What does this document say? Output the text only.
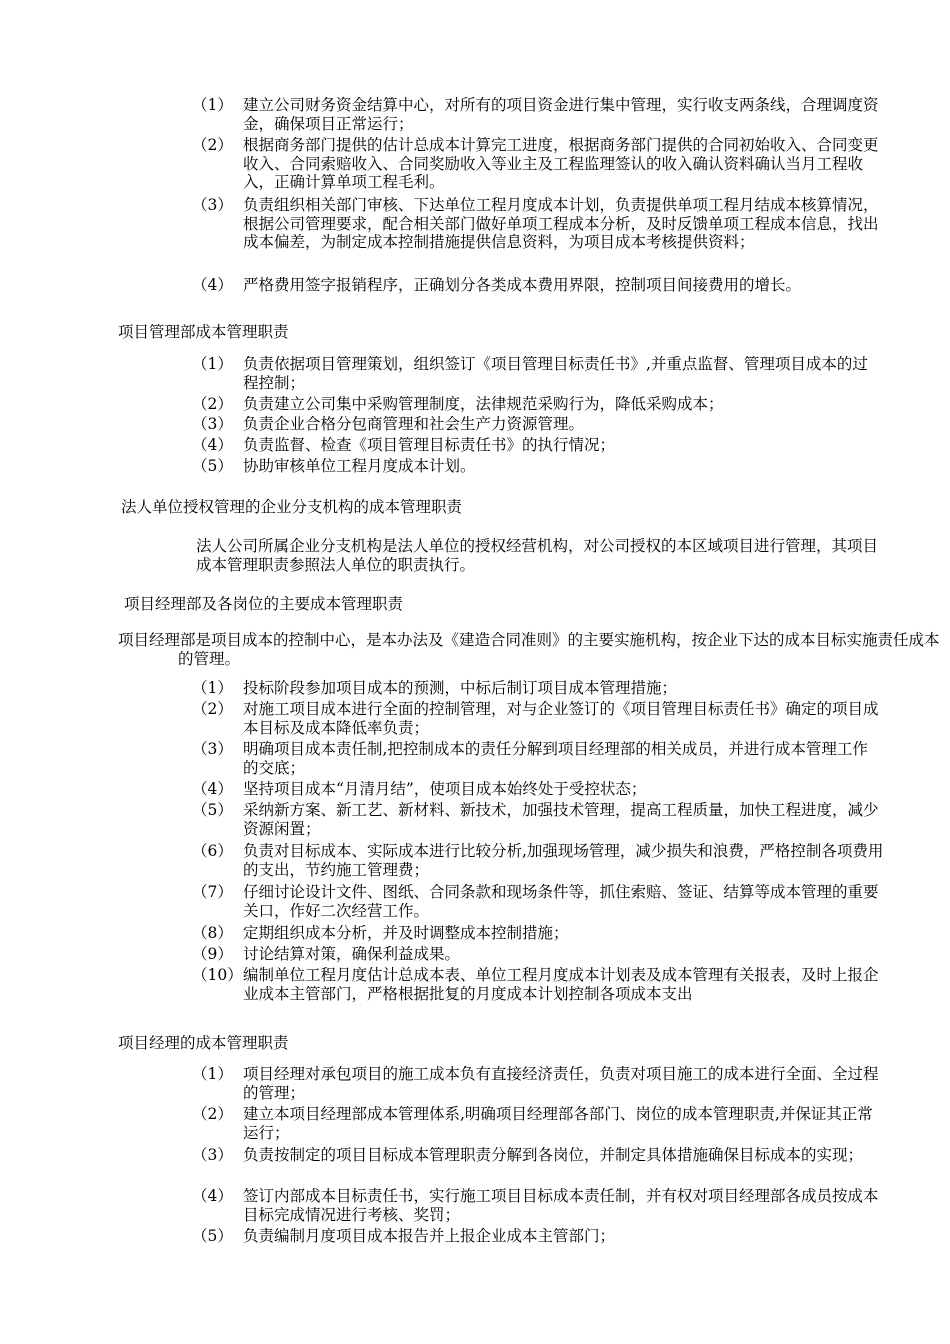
（1） 建立公司财务资金结算中心，对所有的项目资金进行集中管理，实行收支两条线，合理调度资金，确保项目正常运行；
（2） 根据商务部门提供的估计总成本计算完工进度，根据商务部门提供的合同初始收入、合同变更收入、合同索赔收入、合同奖励收入等业主及工程监理签认的收入确认资料确认当月工程收入，正确计算单项工程毛利。
（3） 负责组织相关部门审核、下达单位工程月度成本计划，负责提供单项工程月结成本核算情况，根据公司管理要求，配合相关部门做好单项工程成本分析，及时反馈单项工程成本信息，找出成本偏差，为制定成本控制措施提供信息资料，为项目成本考核提供资料；
（4） 严格费用签字报销程序，正确划分各类成本费用界限，控制项目间接费用的增长。
项目管理部成本管理职责
（1） 负责依据项目管理策划，组织签订《项目管理目标责任书》,并重点监督、管理项目成本的过程控制；
（2） 负责建立公司集中采购管理制度，法律规范采购行为，降低采购成本；
（3） 负责企业合格分包商管理和社会生产力资源管理。
（4） 负责监督、检查《项目管理目标责任书》的执行情况；
（5） 协助审核单位工程月度成本计划。
法人单位授权管理的企业分支机构的成本管理职责
法人公司所属企业分支机构是法人单位的授权经营机构，对公司授权的本区域项目进行管理，其项目成本管理职责参照法人单位的职责执行。
项目经理部及各岗位的主要成本管理职责
项目经理部是项目成本的控制中心，是本办法及《建造合同准则》的主要实施机构，按企业下达的成本目标实施责任成本的管理。
（1） 投标阶段参加项目成本的预测，中标后制订项目成本管理措施；
（2） 对施工项目成本进行全面的控制管理，对与企业签订的《项目管理目标责任书》确定的项目成本目标及成本降低率负责；
（3） 明确项目成本责任制,把控制成本的责任分解到项目经理部的相关成员，并进行成本管理工作的交底；
（4） 坚持项目成本“月清月结”，使项目成本始终处于受控状态；
（5） 采纳新方案、新工艺、新材料、新技术，加强技术管理，提高工程质量，加快工程进度，减少资源闲置；
（6） 负责对目标成本、实际成本进行比较分析,加强现场管理，减少损失和浪费，严格控制各项费用的支出，节约施工管理费；
（7） 仔细讨论设计文件、图纸、合同条款和现场条件等，抓住索赔、签证、结算等成本管理的重要关口，作好二次经营工作。
（8） 定期组织成本分析，并及时调整成本控制措施；
（9） 讨论结算对策，确保利益成果。
（10） 编制单位工程月度估计总成本表、单位工程月度成本计划表及成本管理有关报表，及时上报企业成本主管部门，严格根据批复的月度成本计划控制各项成本支出
项目经理的成本管理职责
（1） 项目经理对承包项目的施工成本负有直接经济责任，负责对项目施工的成本进行全面、全过程的管理；
（2） 建立本项目经理部成本管理体系,明确项目经理部各部门、岗位的成本管理职责,并保证其正常运行；
（3） 负责按制定的项目目标成本管理职责分解到各岗位，并制定具体措施确保目标成本的实现；
（4） 签订内部成本目标责任书，实行施工项目目标成本责任制，并有权对项目经理部各成员按成本目标完成情况进行考核、奖罚；
（5） 负责编制月度项目成本报告并上报企业成本主管部门；
